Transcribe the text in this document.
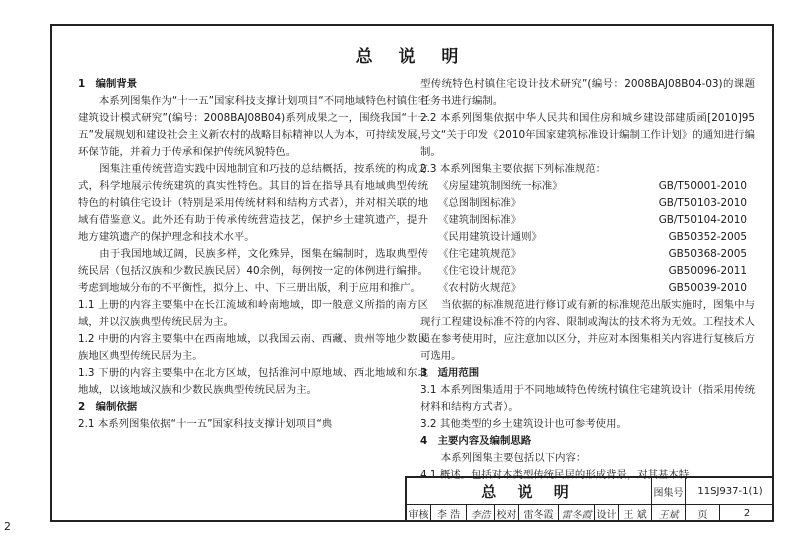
总 说 明

1　编制背景

　　本系列图集作为“十一五”国家科技支撑计划项目“不同地域特色村镇住宅建筑设计模式研究”(编号：2008BAJ08B04)系列成果之一，围绕我国“十一五”发展规划和建设社会主义新农村的战略目标精神以人为本，可持续发展，环保节能，并着力于传承和保护传统风貌特色。

　　图集注重传统营造实践中因地制宜和巧技的总结概括，按系统的构成方式，科学地展示传统建筑的真实性特色。其目的旨在指导具有地域典型传统特色的村镇住宅设计（特别是采用传统材料和结构方式者），并对相关联的地域有借鉴意义。此外还有助于传承传统营造技艺，保护乡土建筑遗产，提升地方建筑遗产的保护理念和技术水平。

　　由于我国地域辽阔，民族多样，文化殊异，图集在编制时，选取典型传统民居（包括汉族和少数民族民居）40余例，每例按一定的体例进行编排。考虑到地域分布的不平衡性，拟分上、中、下三册出版，利于应用和推广。

1.1 上册的内容主要集中在长江流域和岭南地域，即一般意义所指的南方区域，并以汉族典型传统民居为主。

1.2 中册的内容主要集中在西南地域，以我国云南、西藏、贵州等地少数民族地区典型传统民居为主。

1.3 下册的内容主要集中在北方区域，包括淮河中原地域、西北地域和东北地域，以该地域汉族和少数民族典型传统民居为主。

2　编制依据

2.1 本系列图集依据“十一五”国家科技支撑计划项目“典

型传统特色村镇住宅设计技术研究”(编号：2008BAJ08B04-03)的课题任务书进行编制。

2.2 本系列图集依据中华人民共和国住房和城乡建设部建质函[2010]95号文“关于印发《2010年国家建筑标准设计编制工作计划》的通知进行编制。

2.3 本系列图集主要依据下列标准规范：

《房屋建筑制图统一标准》	GB/T50001-2010
《总图制图标准》	GB/T50103-2010
《建筑制图标准》	GB/T50104-2010
《民用建筑设计通则》	GB50352-2005
《住宅建筑规范》	GB50368-2005
《住宅设计规范》	GB50096-2011
《农村防火规范》	GB50039-2010

　　当依据的标准规范进行修订或有新的标准规范出版实施时，图集中与现行工程建设标准不符的内容、限制或淘汰的技术将为无效。工程技术人员在参考使用时，应注意加以区分，并应对本图集相关内容进行复核后方可选用。

3　适用范围

3.1 本系列图集适用于不同地域特色传统村镇住宅建筑设计（指采用传统材料和结构方式者）。

3.2 其他类型的乡土建筑设计也可参考使用。

4　主要内容及编制思路

　　本系列图集主要包括以下内容：

4.1 概述。包括对本类型传统民居的形成背景，对其基本特

总 说 明	图集号	11SJ937-1(1)
审核 李 浩	李浩 校对 雷冬霞 雷冬霞 设计 王 斌	王斌	页	2
2
